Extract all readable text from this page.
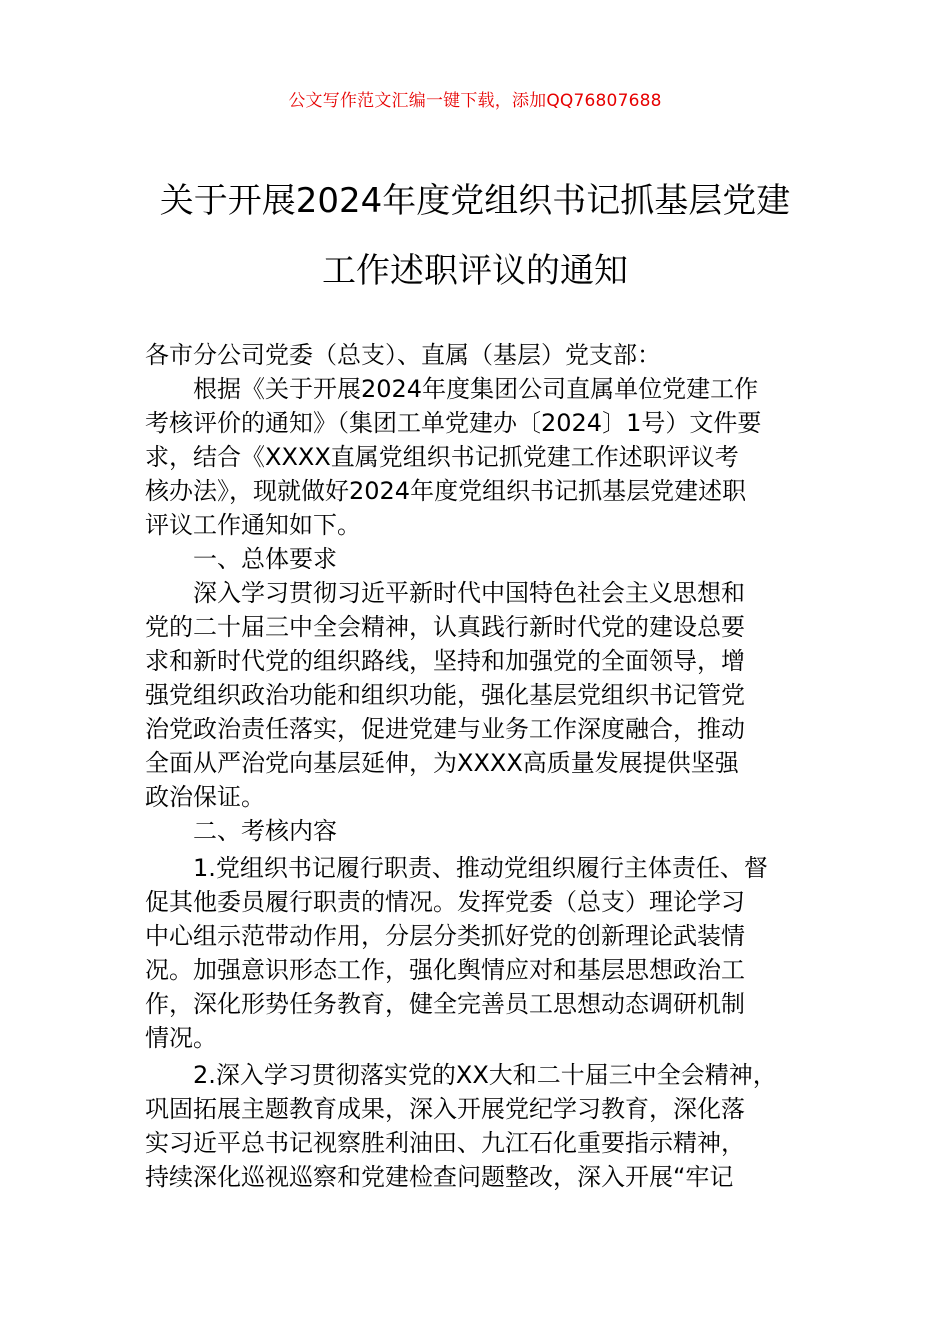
公文写作范文汇编一键下载，添加QQ76807688
关于开展2024年度党组织书记抓基层党建
工作述职评议的通知
各市分公司党委（总支）、直属（基层）党支部：
根据《关于开展2024年度集团公司直属单位党建工作
考核评价的通知》（集团工单党建办〔2024〕1号）文件要
求，结合《XXXX直属党组织书记抓党建工作述职评议考
核办法》，现就做好2024年度党组织书记抓基层党建述职
评议工作通知如下。
一、总体要求
深入学习贯彻习近平新时代中国特色社会主义思想和
党的二十届三中全会精神，认真践行新时代党的建设总要
求和新时代党的组织路线，坚持和加强党的全面领导，增
强党组织政治功能和组织功能，强化基层党组织书记管党
治党政治责任落实，促进党建与业务工作深度融合，推动
全面从严治党向基层延伸，为XXXX高质量发展提供坚强
政治保证。
二、考核内容
1.党组织书记履行职责、推动党组织履行主体责任、督
促其他委员履行职责的情况。发挥党委（总支）理论学习
中心组示范带动作用，分层分类抓好党的创新理论武装情
况。加强意识形态工作，强化舆情应对和基层思想政治工
作，深化形势任务教育，健全完善员工思想动态调研机制
情况。
2.深入学习贯彻落实党的XX大和二十届三中全会精神，
巩固拓展主题教育成果，深入开展党纪学习教育，深化落
实习近平总书记视察胜利油田、九江石化重要指示精神，
持续深化巡视巡察和党建检查问题整改，深入开展“牢记
